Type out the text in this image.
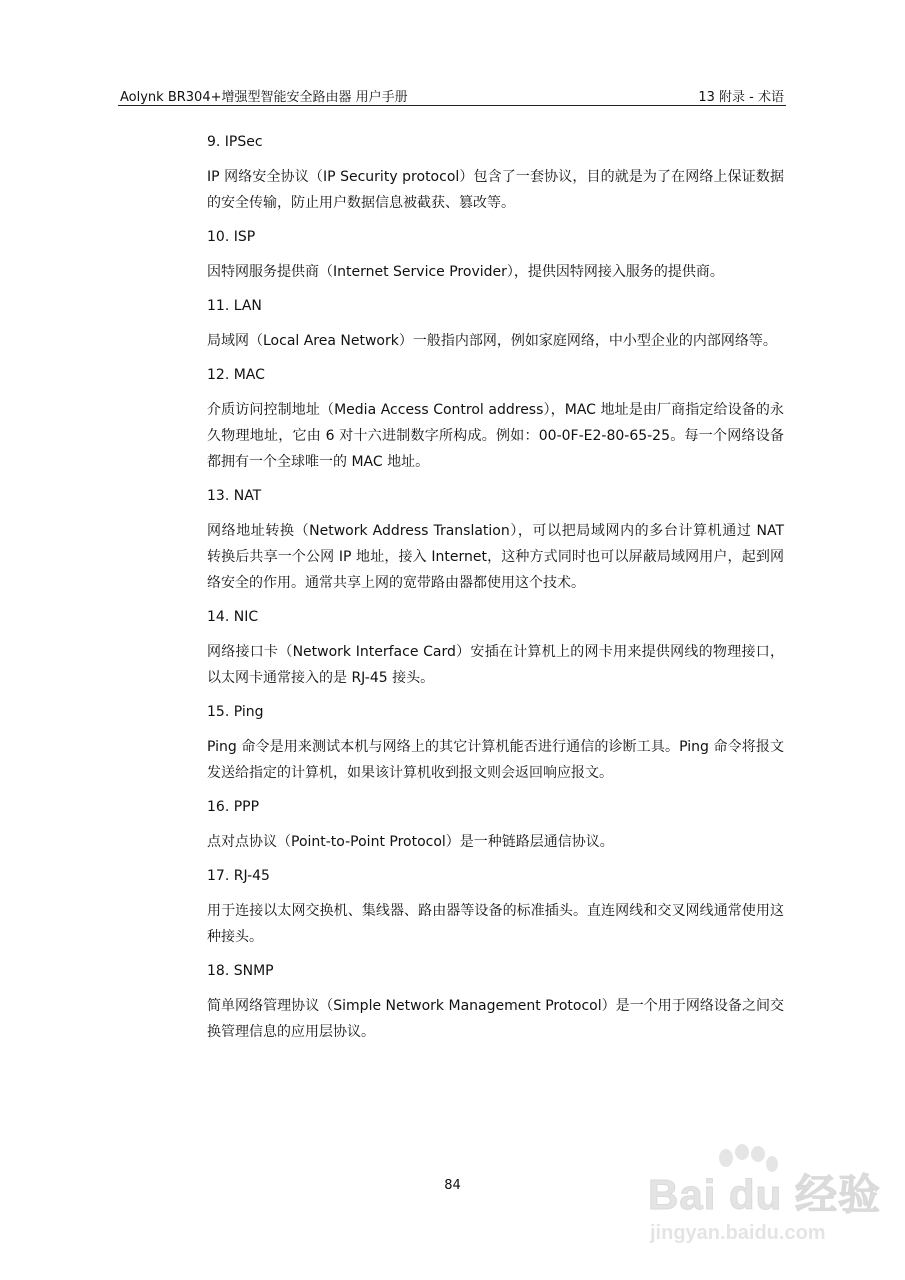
Aolynk BR304+增强型智能安全路由器 用户手册	13 附录 - 术语

9. IPSec

IP 网络安全协议（IP Security protocol）包含了一套协议，目的就是为了在网络上保证数据的安全传输，防止用户数据信息被截获、篡改等。

10. ISP

因特网服务提供商（Internet Service Provider），提供因特网接入服务的提供商。

11. LAN

局域网（Local Area Network）一般指内部网，例如家庭网络，中小型企业的内部网络等。

12. MAC

介质访问控制地址（Media Access Control address），MAC 地址是由厂商指定给设备的永久物理地址，它由 6 对十六进制数字所构成。例如：00-0F-E2-80-65-25。每一个网络设备都拥有一个全球唯一的 MAC 地址。

13. NAT

网络地址转换（Network Address Translation），可以把局域网内的多台计算机通过 NAT 转换后共享一个公网 IP 地址，接入 Internet，这种方式同时也可以屏蔽局域网用户，起到网络安全的作用。通常共享上网的宽带路由器都使用这个技术。

14. NIC

网络接口卡（Network Interface Card）安插在计算机上的网卡用来提供网线的物理接口，以太网卡通常接入的是 RJ-45 接头。

15. Ping

Ping 命令是用来测试本机与网络上的其它计算机能否进行通信的诊断工具。Ping 命令将报文发送给指定的计算机，如果该计算机收到报文则会返回响应报文。

16. PPP

点对点协议（Point-to-Point Protocol）是一种链路层通信协议。

17. RJ-45

用于连接以太网交换机、集线器、路由器等设备的标准插头。直连网线和交叉网线通常使用这种接头。

18. SNMP

简单网络管理协议（Simple Network Management Protocol）是一个用于网络设备之间交换管理信息的应用层协议。

84	Bai du 经验
jingyan.baidu.com
